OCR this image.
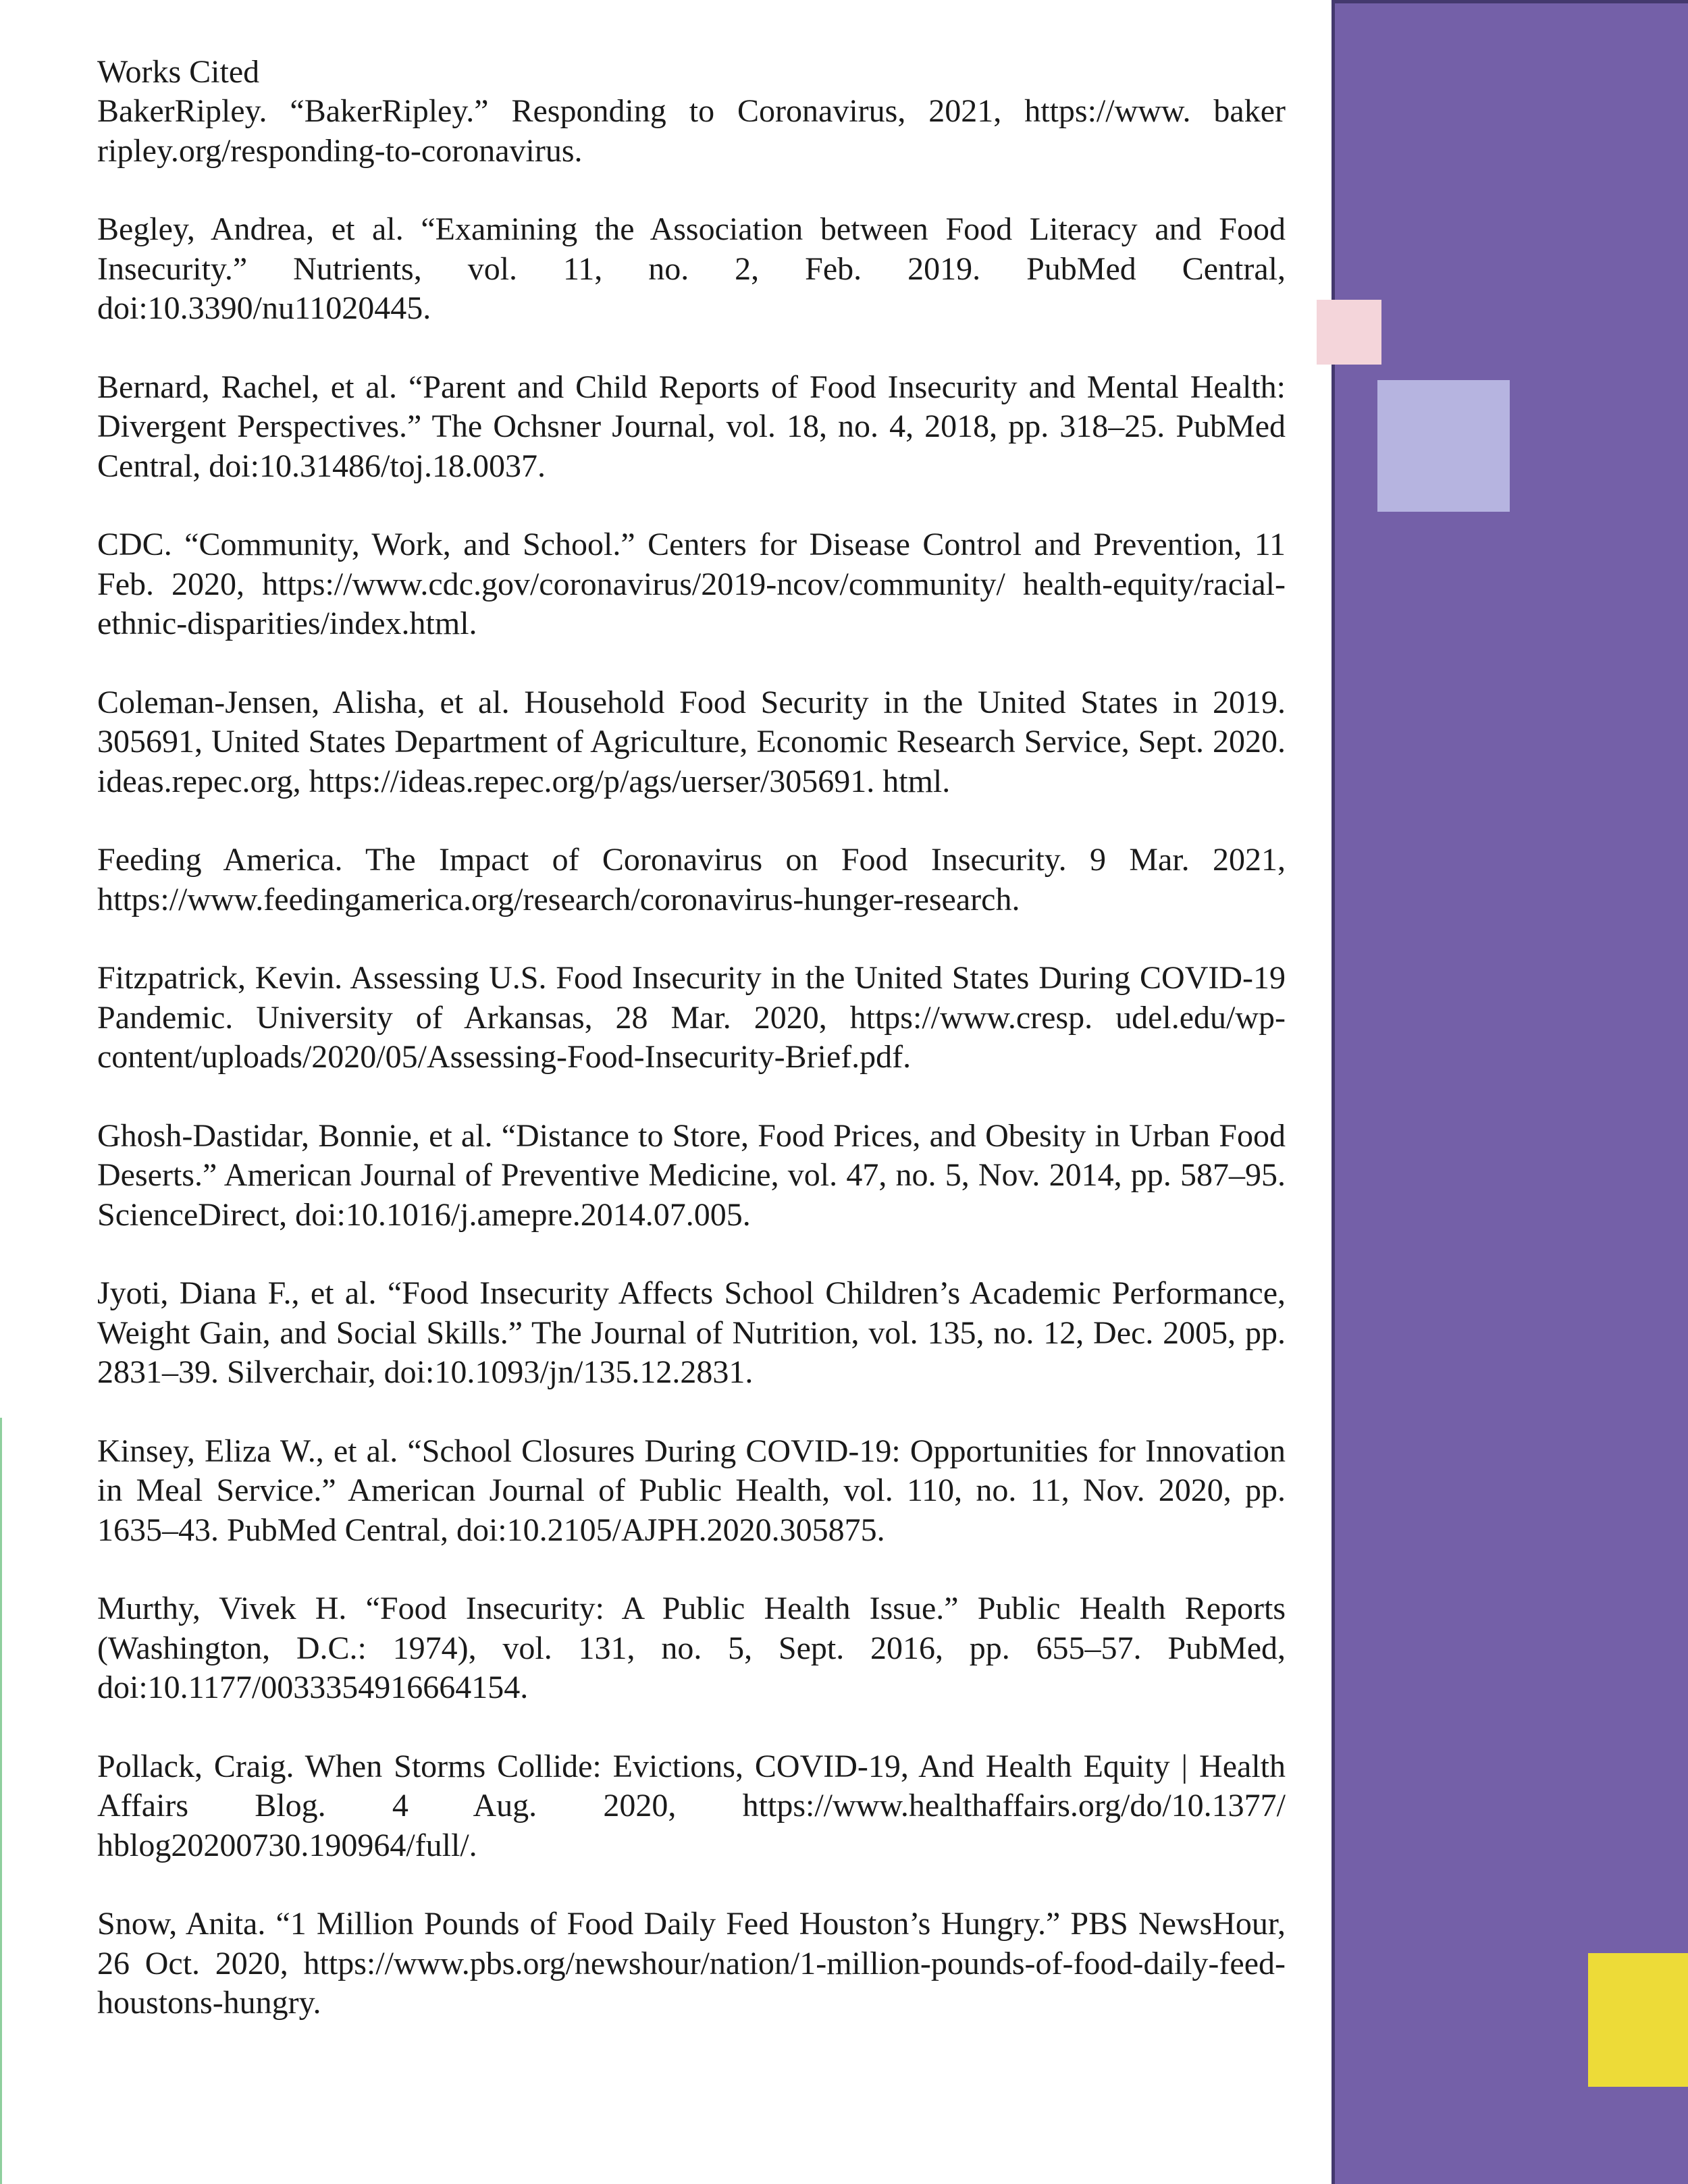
Works Cited

BakerRipley. “BakerRipley.” Responding to Coronavirus, 2021, https://www. baker ripley.org/responding-to-coronavirus.

Begley, Andrea, et al. “Examining the Association between Food Literacy and Food Insecurity.” Nutrients, vol. 11, no. 2, Feb. 2019. PubMed Central, doi:10.3390/nu11020445.

Bernard, Rachel, et al. “Parent and Child Reports of Food Insecurity and Mental Health: Divergent Perspectives.” The Ochsner Journal, vol. 18, no. 4, 2018, pp. 318–25. PubMed Central, doi:10.31486/toj.18.0037.

CDC. “Community, Work, and School.” Centers for Disease Control and Prevention, 11 Feb. 2020, https://www.cdc.gov/coronavirus/2019-ncov/community/ health-equity/racial-ethnic-disparities/index.html.

Coleman-Jensen, Alisha, et al. Household Food Security in the United States in 2019. 305691, United States Department of Agriculture, Economic Research Service, Sept. 2020. ideas.repec.org, https://ideas.repec.org/p/ags/uerser/305691. html.

Feeding America. The Impact of Coronavirus on Food Insecurity. 9 Mar. 2021, https://www.feedingamerica.org/research/coronavirus-hunger-research.

Fitzpatrick, Kevin. Assessing U.S. Food Insecurity in the United States During COVID-19 Pandemic. University of Arkansas, 28 Mar. 2020, https://www.cresp. udel.edu/wp-content/uploads/2020/05/Assessing-Food-Insecurity-Brief.pdf.

Ghosh-Dastidar, Bonnie, et al. “Distance to Store, Food Prices, and Obesity in Urban Food Deserts.” American Journal of Preventive Medicine, vol. 47, no. 5, Nov. 2014, pp. 587–95. ScienceDirect, doi:10.1016/j.amepre.2014.07.005.

Jyoti, Diana F., et al. “Food Insecurity Affects School Children’s Academic Performance, Weight Gain, and Social Skills.” The Journal of Nutrition, vol. 135, no. 12, Dec. 2005, pp. 2831–39. Silverchair, doi:10.1093/jn/135.12.2831.

Kinsey, Eliza W., et al. “School Closures During COVID-19: Opportunities for Innovation in Meal Service.” American Journal of Public Health, vol. 110, no. 11, Nov. 2020, pp. 1635–43. PubMed Central, doi:10.2105/AJPH.2020.305875.

Murthy, Vivek H. “Food Insecurity: A Public Health Issue.” Public Health Reports (Washington, D.C.: 1974), vol. 131, no. 5, Sept. 2016, pp. 655–57. PubMed, doi:10.1177/0033354916664154.

Pollack, Craig. When Storms Collide: Evictions, COVID-19, And Health Equity | Health Affairs Blog. 4 Aug. 2020, https://www.healthaffairs.org/do/10.1377/ hblog20200730.190964/full/.

Snow, Anita. “1 Million Pounds of Food Daily Feed Houston’s Hungry.” PBS NewsHour, 26 Oct. 2020, https://www.pbs.org/newshour/nation/1-million-pounds-of-food-daily-feed-houstons-hungry.
